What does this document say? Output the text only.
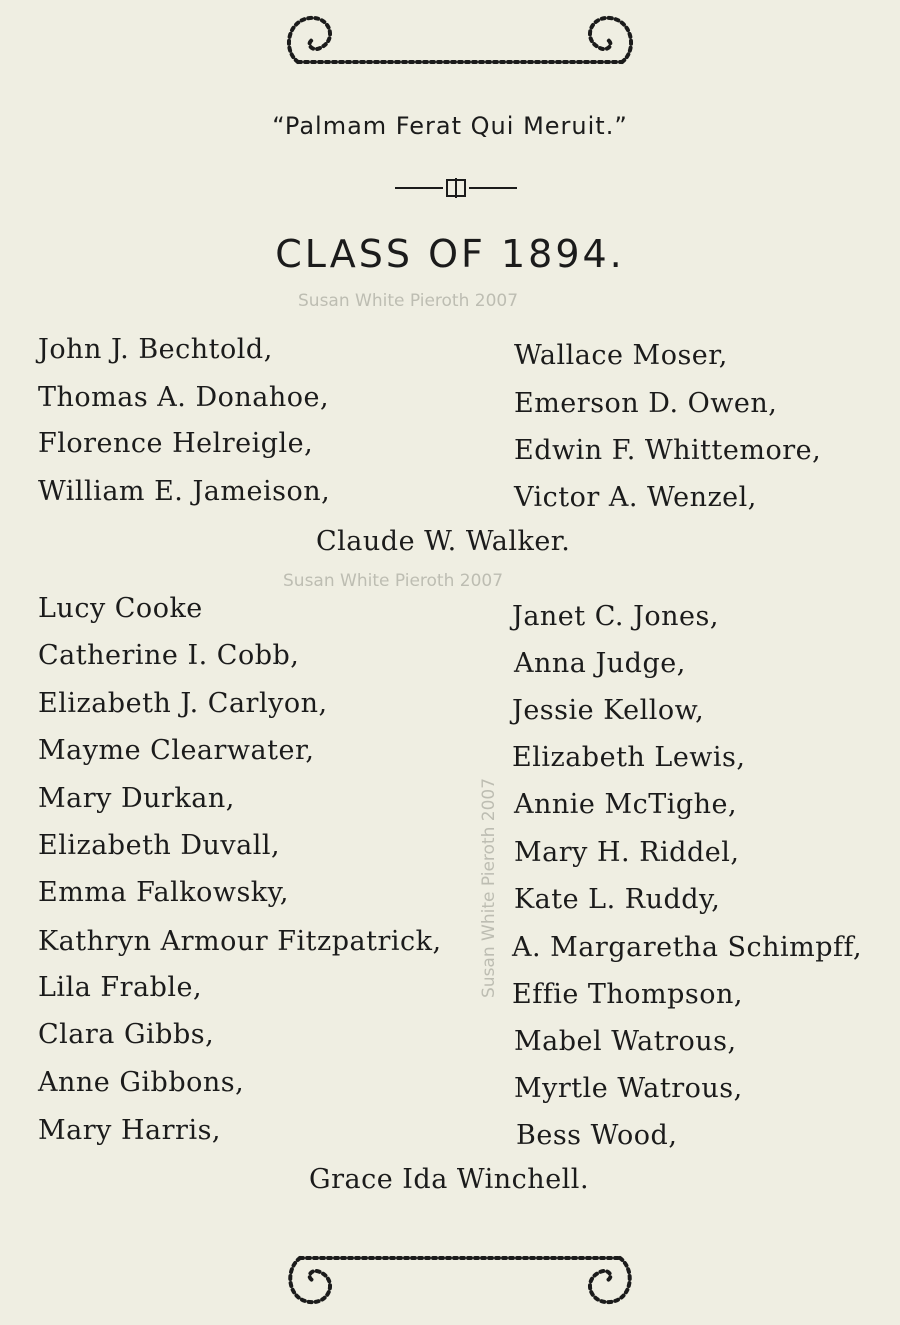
“Palmam Ferat Qui Meruit.”
CLASS OF 1894.
Susan White Pieroth 2007
John J. Bechtold,
Thomas A. Donahoe,
Florence Helreigle,
William E. Jameison,
Wallace Moser,
Emerson D. Owen,
Edwin F. Whittemore,
Victor A. Wenzel,
Claude W. Walker.
Susan White Pieroth 2007
Lucy Cooke
Catherine I. Cobb,
Elizabeth J. Carlyon,
Mayme Clearwater,
Mary Durkan,
Elizabeth Duvall,
Emma Falkowsky,
Kathryn Armour Fitzpatrick,
Lila Frable,
Clara Gibbs,
Anne Gibbons,
Mary Harris,
Janet C. Jones,
Anna Judge,
Jessie Kellow,
Elizabeth Lewis,
Annie McTighe,
Mary H. Riddel,
Kate L. Ruddy,
A. Margaretha Schimpff,
Effie Thompson,
Mabel Watrous,
Myrtle Watrous,
Bess Wood,
Grace Ida Winchell.
Susan White Pieroth 2007
